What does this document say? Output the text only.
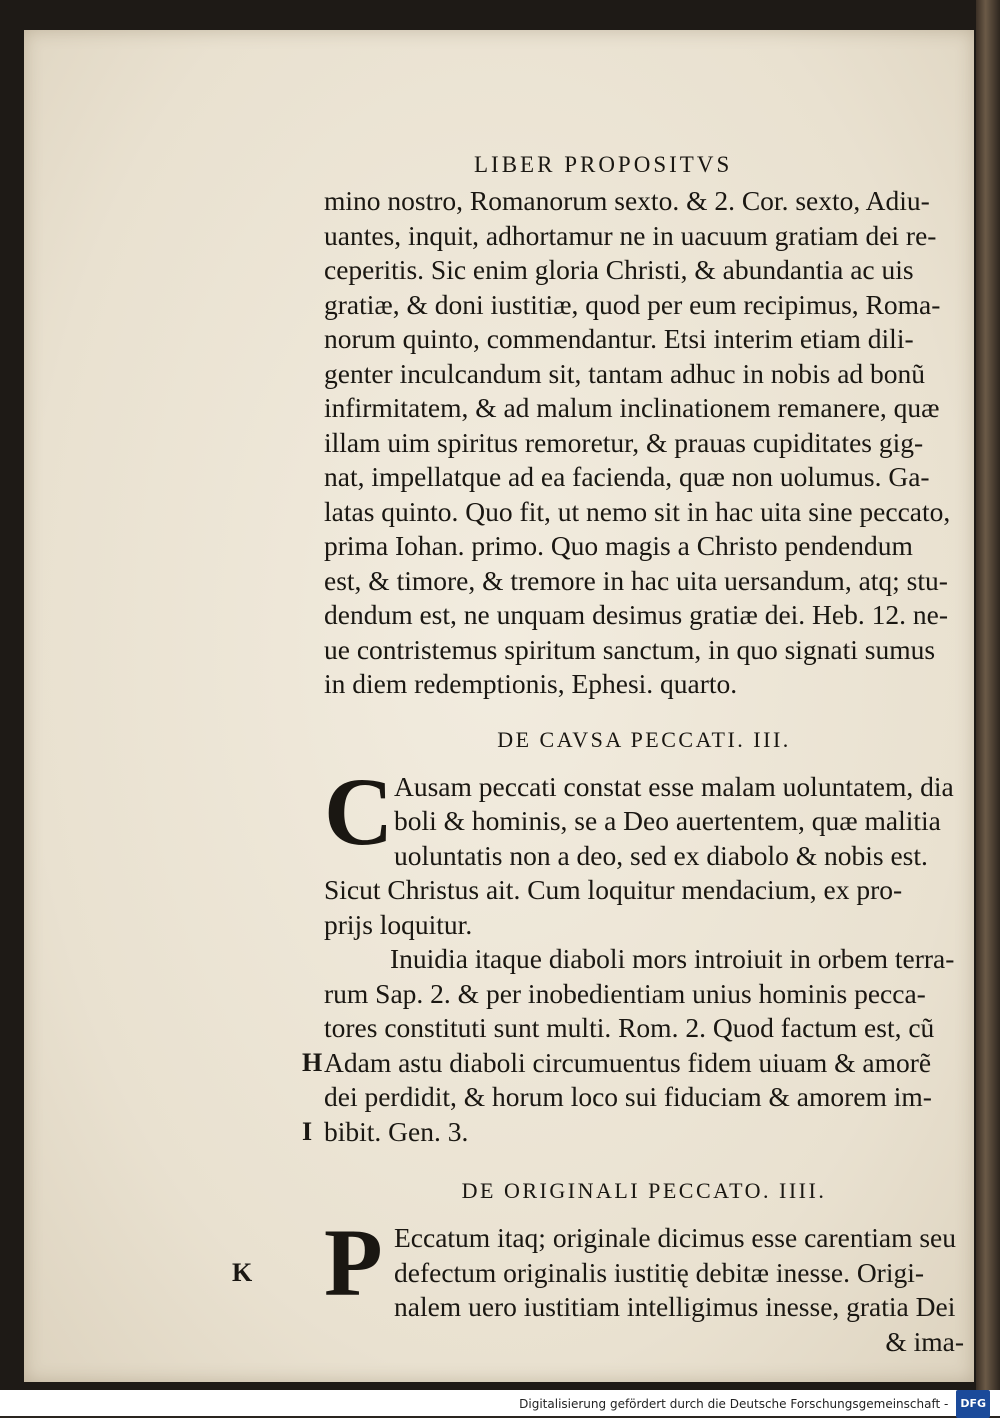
LIBER PROPOSITVS
mino nostro, Romanorum sexto. & 2. Cor. sexto, Adiu-
uantes, inquit, adhortamur ne in uacuum gratiam dei re-
ceperitis. Sic enim gloria Christi, & abundantia ac uis
gratiæ, & doni iustitiæ, quod per eum recipimus, Roma-
norum quinto, commendantur. Etsi interim etiam dili-
genter inculcandum sit, tantam adhuc in nobis ad bonũ
infirmitatem, & ad malum inclinationem remanere, quæ
illam uim spiritus remoretur, & prauas cupiditates gig-
nat, impellatque ad ea facienda, quæ non uolumus. Ga-
latas quinto. Quo fit, ut nemo sit in hac uita sine peccato,
prima Iohan. primo. Quo magis a Christo pendendum
est, & timore, & tremore in hac uita uersandum, atq; stu-
dendum est, ne unquam desimus gratiæ dei. Heb. 12. ne-
ue contristemus spiritum sanctum, in quo signati sumus
in diem redemptionis, Ephesi. quarto.
DE CAVSA PECCATI. III.
C Ausam peccati constat esse malam uoluntatem, dia
boli & hominis, se a Deo auertentem, quæ malitia
uoluntatis non a deo, sed ex diabolo & nobis est.
Sicut Christus ait. Cum loquitur mendacium, ex pro-
prijs loquitur.
Inuidia itaque diaboli mors introiuit in orbem terra-
rum Sap. 2. & per inobedientiam unius hominis pecca-
tores constituti sunt multi. Rom. 2. Quod factum est, cũ
H Adam astu diaboli circumuentus fidem uiuam & amorẽ
dei perdidit, & horum loco sui fiduciam & amorem im-
I bibit. Gen. 3.
DE ORIGINALI PECCATO. IIII.
P Eccatum itaq; originale dicimus esse carentiam seu
K	defectum originalis iustitię debitæ inesse. Origi-
nalem uero iustitiam intelligimus inesse, gratia Dei
& ima-
Digitalisierung gefördert durch die Deutsche Forschungsgemeinschaft - DFG
